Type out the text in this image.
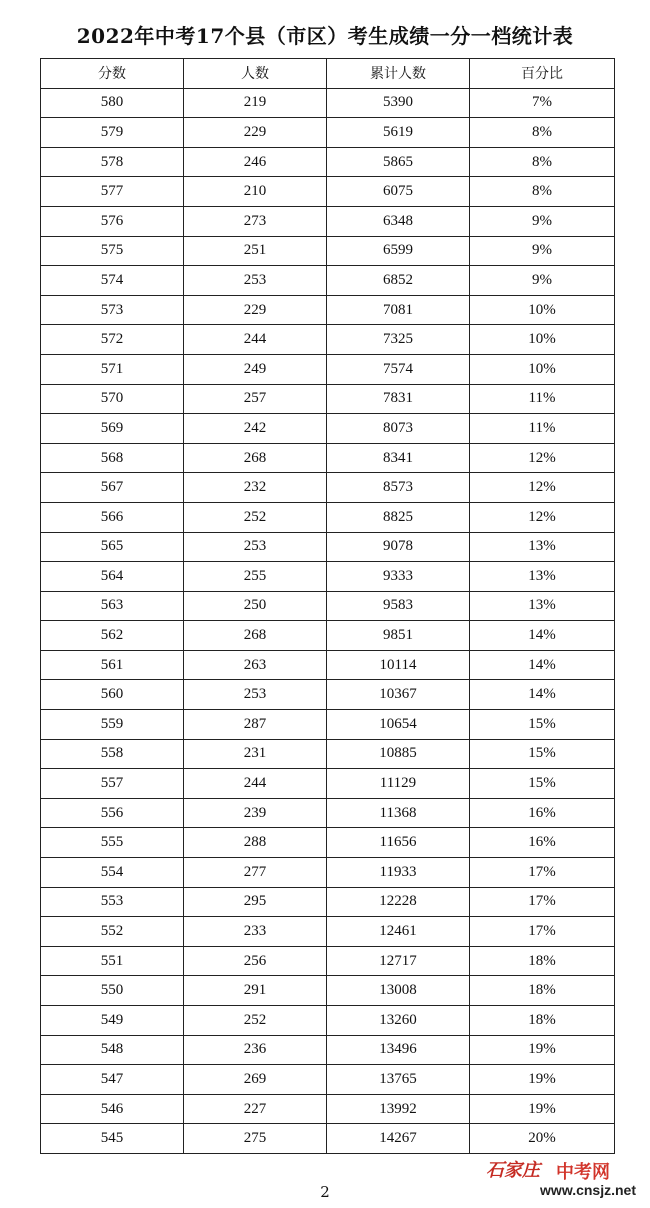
2022年中考17个县（市区）考生成绩一分一档统计表
分数	人数	累计人数	百分比
580	219	5390	7%
579	229	5619	8%
578	246	5865	8%
577	210	6075	8%
576	273	6348	9%
575	251	6599	9%
574	253	6852	9%
573	229	7081	10%
572	244	7325	10%
571	249	7574	10%
570	257	7831	11%
569	242	8073	11%
568	268	8341	12%
567	232	8573	12%
566	252	8825	12%
565	253	9078	13%
564	255	9333	13%
563	250	9583	13%
562	268	9851	14%
561	263	10114	14%
560	253	10367	14%
559	287	10654	15%
558	231	10885	15%
557	244	11129	15%
556	239	11368	16%
555	288	11656	16%
554	277	11933	17%
553	295	12228	17%
552	233	12461	17%
551	256	12717	18%
550	291	13008	18%
549	252	13260	18%
548	236	13496	19%
547	269	13765	19%
546	227	13992	19%
545	275	14267	20%
2
石家庄 中考网
www.cnsjz.net
